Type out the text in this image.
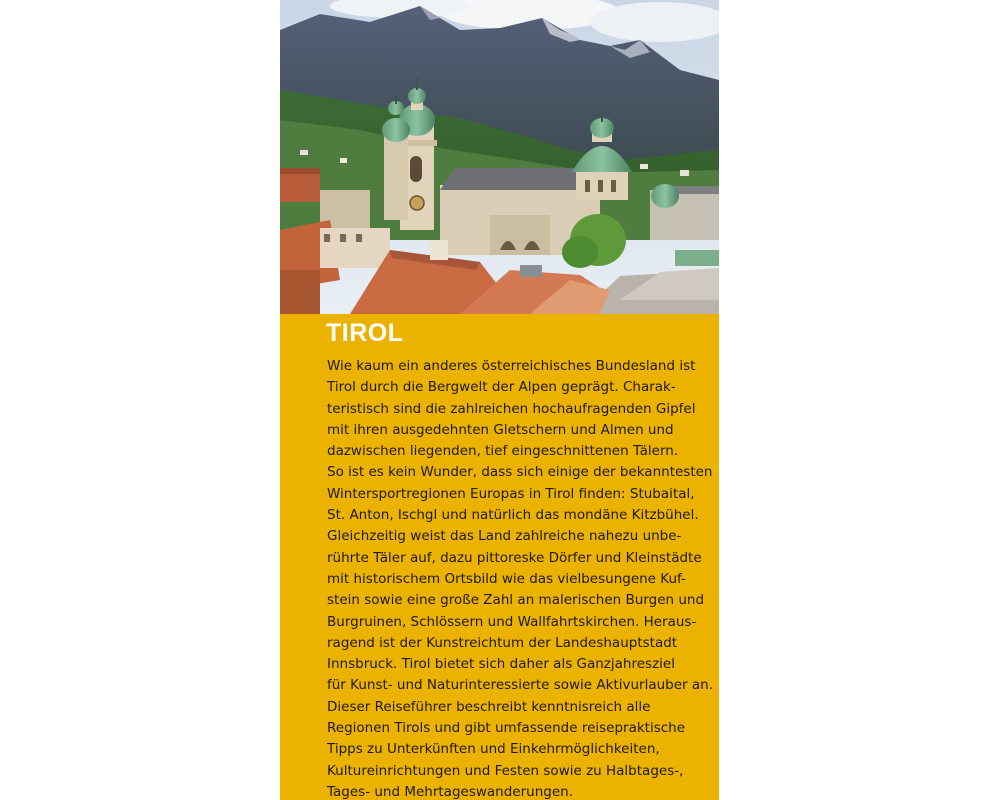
TIROL

Wie kaum ein anderes österreichisches Bundesland ist
Tirol durch die Bergwelt der Alpen geprägt. Charak-
teristisch sind die zahlreichen hochaufragenden Gipfel
mit ihren ausgedehnten Gletschern und Almen und
dazwischen liegenden, tief eingeschnittenen Tälern.
So ist es kein Wunder, dass sich einige der bekanntesten
Wintersportregionen Europas in Tirol finden: Stubaital,
St. Anton, Ischgl und natürlich das mondäne Kitzbühel.
Gleichzeitig weist das Land zahlreiche nahezu unbe-
rührte Täler auf, dazu pittoreske Dörfer und Kleinstädte
mit historischem Ortsbild wie das vielbesungene Kuf-
stein sowie eine große Zahl an malerischen Burgen und
Burgruinen, Schlössern und Wallfahrtskirchen. Heraus-
ragend ist der Kunstreichtum der Landeshauptstadt
Innsbruck. Tirol bietet sich daher als Ganzjahresziel
für Kunst- und Naturinteressierte sowie Aktivurlauber an.
Dieser Reiseführer beschreibt kenntnisreich alle
Regionen Tirols und gibt umfassende reisepraktische
Tipps zu Unterkünften und Einkehrmöglichkeiten,
Kultureinrichtungen und Festen sowie zu Halbtages-,
Tages- und Mehrtageswanderungen.
